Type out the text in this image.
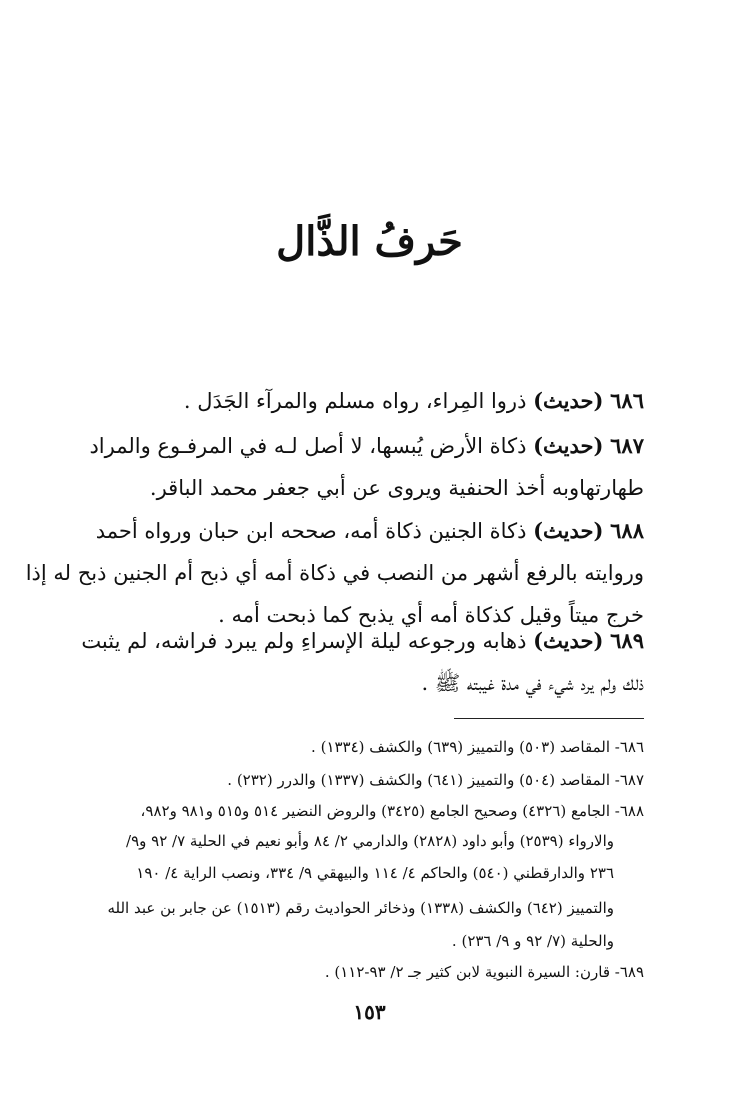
حَرفُ الذَّال
٦٨٦ (حديث) ذروا المِراء، رواه مسلم والمرآء الجَدَل .
٦٨٧ (حديث) ذكاة الأرض يُبسها، لا أصل لـه في المرفـوع والمراد
طهارتهاوبه أخذ الحنفية ويروى عن أبي جعفر محمد الباقر.
٦٨٨ (حديث) ذكاة الجنين ذكاة أمه، صححه ابن حبان ورواه أحمد
وروايته بالرفع أشهر من النصب في ذكاة أمه أي ذبح أم الجنين ذبح له إذا
خرج ميتاً وقيل كذكاة أمه أي يذبح كما ذبحت أمه .
٦٨٩ (حديث) ذهابه ورجوعه ليلة الإسراءِ ولم يبرد فراشه، لم يثبت
ذلك ولم يرد شيء في مدة غيبته ﷺ .
٦٨٦- المقاصد (٥٠٣) والتمييز (٦٣٩) والكشف (١٣٣٤) .
٦٨٧- المقاصد (٥٠٤) والتمييز (٦٤١) والكشف (١٣٣٧) والدرر (٢٣٢) .
٦٨٨- الجامع (٤٣٢٦) وصحيح الجامع (٣٤٢٥) والروض النضير ٥١٤ و٥١٥ و٩٨١ و٩٨٢،
والارواء (٢٥٣٩) وأبو داود (٢٨٢٨) والدارمي ٢/ ٨٤ وأبو نعيم في الحلية ٧/ ٩٢ و٩/
٢٣٦ والدارقطني (٥٤٠) والحاكم ٤/ ١١٤ والبيهقي ٩/ ٣٣٤، ونصب الراية ٤/ ١٩٠
والتمييز (٦٤٢) والكشف (١٣٣٨) وذخائر الحواديث رقم (١٥١٣) عن جابر بن عبد الله
والحلية (٧/ ٩٢ و ٩/ ٢٣٦) .
٦٨٩- قارن: السيرة النبوية لابن كثير جـ ٢/ ٩٣-١١٢) .
١٥٣
